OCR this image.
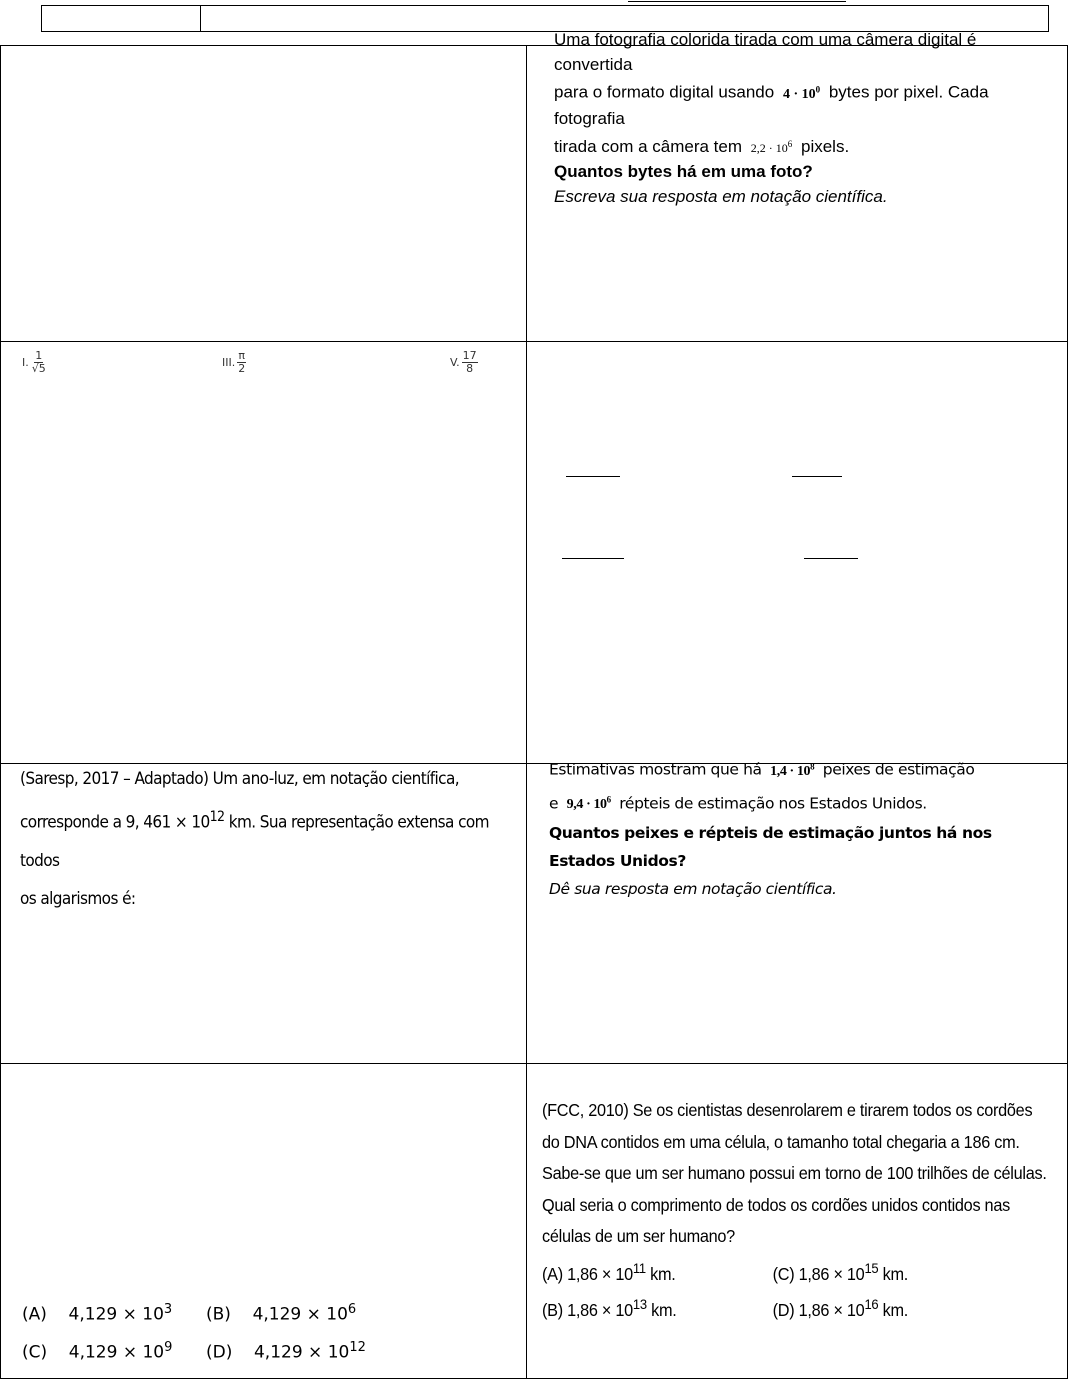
Uma fotografia colorida tirada com uma câmera digital é convertida

para o formato digital usando $4 \cdot 10^0$ bytes por pixel. Cada fotografia

tirada com a câmera tem $2,2 \cdot 10^6$ pixels.

Quantos bytes há em uma foto?

Escreva sua resposta em notação científica.

I. $\frac{1}{√5}$	III. $\frac{\pi}{2}$	V. $\frac{17}{8}$
(Saresp, 2017 – Adaptado) Um ano-luz, em notação científica,
corresponde a 9, $461 \times 10^{12}$ km. Sua representação extensa com todos
os algarismos é:

Estimativas mostram que há $1,4 \cdot 10^8$ peixes de estimação

e $9,4 \cdot 10^6$ répteis de estimação nos Estados Unidos.

Quantos peixes e répteis de estimação juntos há nos Estados Unidos?

Dê sua resposta em notação científica.

(A) $4,129 \times 10^3$ (B) $4,129 \times 10^6$
(C) $4,129 \times 10^9$ (D) $4,129 \times 10^{12}$

(FCC, 2010) Se os cientistas desenrolarem e tirarem todos os cordões

do DNA contidos em uma célula, o tamanho total chegaria a 186 cm.

Sabe-se que um ser humano possui em torno de 100 trilhões de células.

Qual seria o comprimento de todos os cordões unidos contidos nas

células de um ser humano?

(A) $1,86 \times 10^{11}$ km.	(C) $1,86 \times 10^{15}$ km.
(B) $1,86 \times 10^{13}$ km.	(D) $1,86 \times 10^{16}$ km.
